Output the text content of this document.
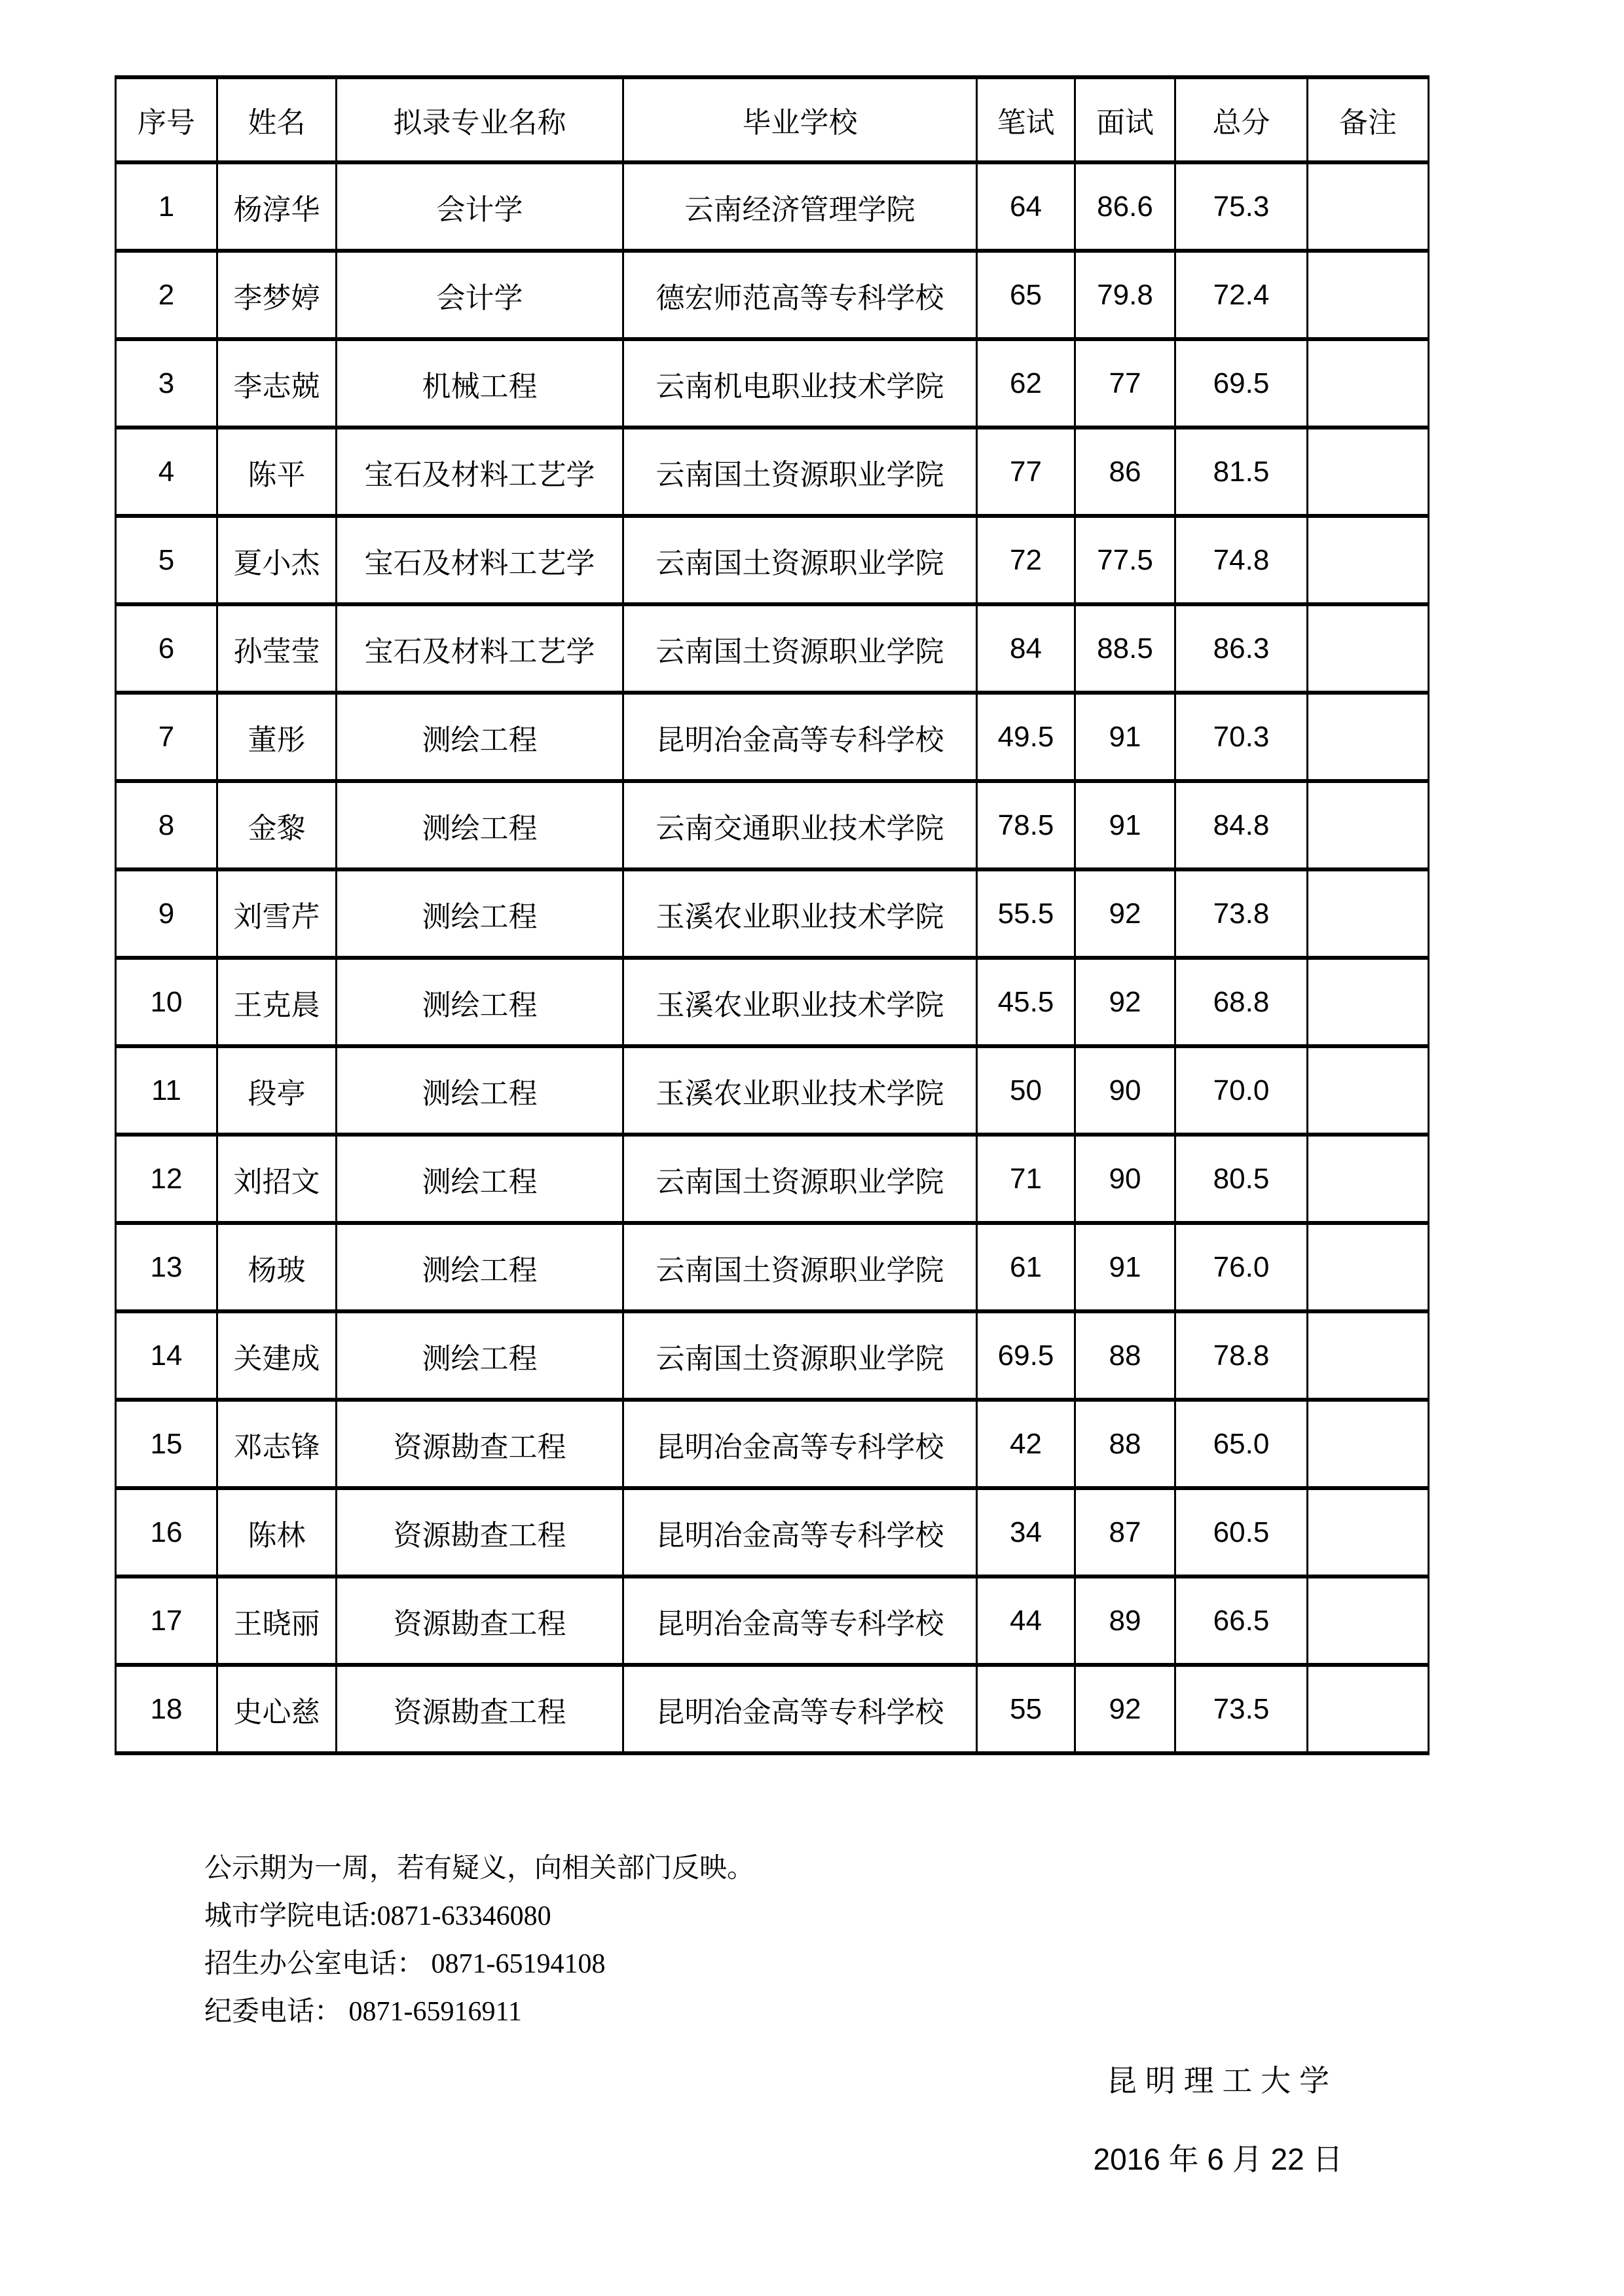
序号	姓名	拟录专业名称	毕业学校	笔试	面试	总分	备注
1	杨淳华	会计学	云南经济管理学院	64	86.6	75.3	
2	李梦婷	会计学	德宏师范高等专科学校	65	79.8	72.4	
3	李志兢	机械工程	云南机电职业技术学院	62	77	69.5	
4	陈平	宝石及材料工艺学	云南国土资源职业学院	77	86	81.5	
5	夏小杰	宝石及材料工艺学	云南国土资源职业学院	72	77.5	74.8	
6	孙莹莹	宝石及材料工艺学	云南国土资源职业学院	84	88.5	86.3	
7	董彤	测绘工程	昆明冶金高等专科学校	49.5	91	70.3	
8	金黎	测绘工程	云南交通职业技术学院	78.5	91	84.8	
9	刘雪芹	测绘工程	玉溪农业职业技术学院	55.5	92	73.8	
10	王克晨	测绘工程	玉溪农业职业技术学院	45.5	92	68.8	
11	段亭	测绘工程	玉溪农业职业技术学院	50	90	70.0	
12	刘招文	测绘工程	云南国土资源职业学院	71	90	80.5	
13	杨玻	测绘工程	云南国土资源职业学院	61	91	76.0	
14	关建成	测绘工程	云南国土资源职业学院	69.5	88	78.8	
15	邓志锋	资源勘查工程	昆明冶金高等专科学校	42	88	65.0	
16	陈林	资源勘查工程	昆明冶金高等专科学校	34	87	60.5	
17	王晓丽	资源勘查工程	昆明冶金高等专科学校	44	89	66.5	
18	史心慈	资源勘查工程	昆明冶金高等专科学校	55	92	73.5	
公示期为一周，若有疑义，向相关部门反映。
城市学院电话:0871-63346080
招生办公室电话： 0871-65194108
纪委电话： 0871-65916911
昆 明 理 工 大 学
2016 年 6 月 22 日
